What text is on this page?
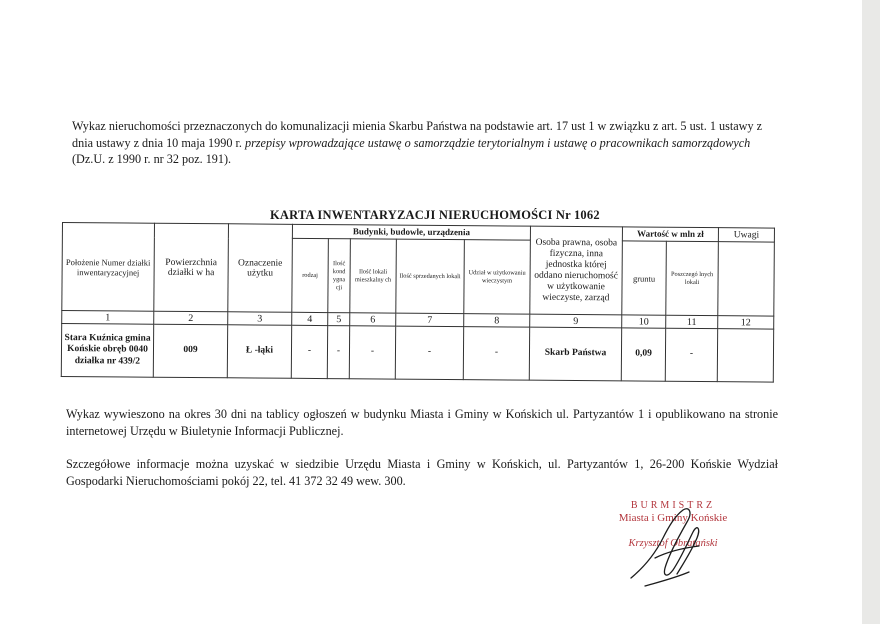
Wykaz nieruchomości przeznaczonych do komunalizacji mienia Skarbu Państwa na podstawie art. 17 ust 1 w związku z art. 5 ust. 1 ustawy z dnia ustawy z dnia 10 maja 1990 r. przepisy wprowadzające ustawę o samorządzie terytorialnym i ustawę o pracownikach samorządowych (Dz.U. z 1990 r. nr 32 poz. 191).
KARTA INWENTARYZACJI NIERUCHOMOŚCI Nr 1062
Położenie Numer działki inwentaryzacyjnej	Powierzchnia działki w ha	Oznaczenie użytku	Budynki, budowle, urządzenia					Osoba prawna, osoba fizyczna, inna jednostka której oddano nieruchomość w użytkowanie wieczyste, zarząd	Wartość w mln zł		Uwagi
			rodzaj	Ilość kond ygna cji	Ilość lokali mieszkalny ch	Ilość sprzedanych lokali	Udział w użytkowaniu wieczystym		gruntu	Poszczegó lnych lokali	
1	2	3	4	5	6	7	8	9	10	11	12
Stara Kuźnica gmina Końskie obręb 0040 działka nr 439/2	009	Ł -łąki	-	-	-	-	-	Skarb Państwa	0,09	-	
Wykaz wywieszono na okres 30 dni na tablicy ogłoszeń w budynku Miasta i Gminy w Końskich ul. Partyzantów 1 i opublikowano na stronie internetowej Urzędu w Biuletynie Informacji Publicznej.
Szczegółowe informacje można uzyskać w siedzibie Urzędu Miasta i Gminy w Końskich, ul. Partyzantów 1, 26-200 Końskie Wydział Gospodarki Nieruchomościami pokój 22, tel. 41 372 32 49 wew. 300.
BURMISTRZ
Miasta i Gminy Końskie
Krzysztof Obratański
